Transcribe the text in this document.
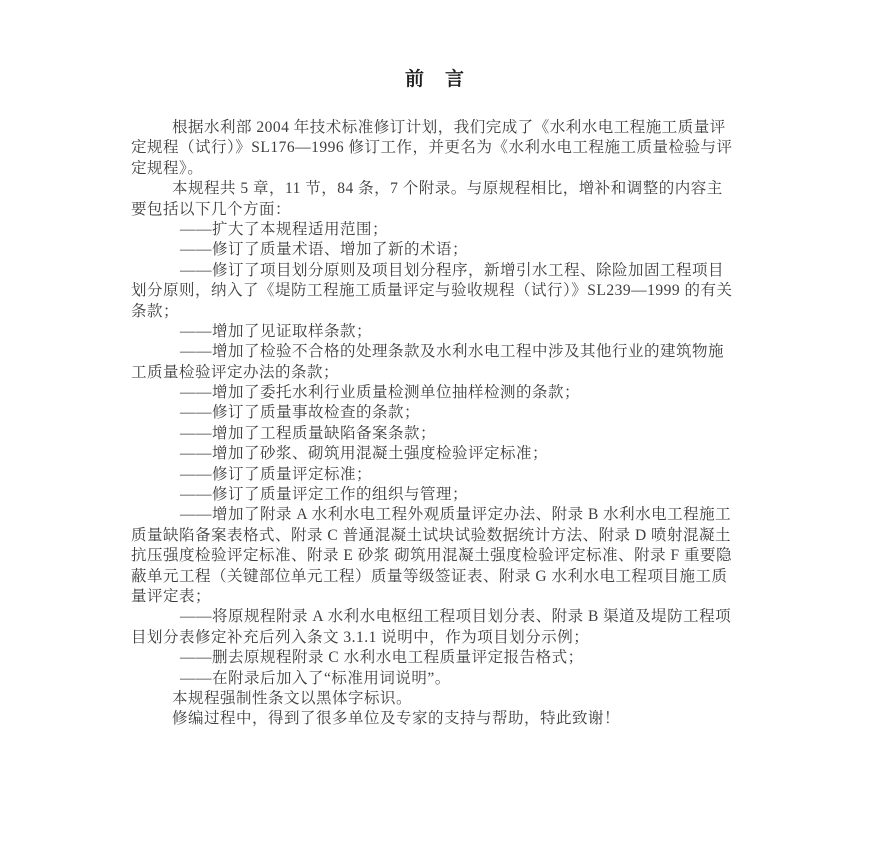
前　言
根据水利部 2004 年技术标准修订计划，我们完成了《水利水电工程施工质量评
定规程（试行）》SL176—1996 修订工作，并更名为《水利水电工程施工质量检验与评
定规程》。
本规程共 5 章，11 节，84 条，7 个附录。与原规程相比，增补和调整的内容主
要包括以下几个方面：
——扩大了本规程适用范围；
——修订了质量术语、增加了新的术语；
——修订了项目划分原则及项目划分程序，新增引水工程、除险加固工程项目
划分原则，纳入了《堤防工程施工质量评定与验收规程（试行）》SL239—1999 的有关
条款；
——增加了见证取样条款；
——增加了检验不合格的处理条款及水利水电工程中涉及其他行业的建筑物施
工质量检验评定办法的条款；
——增加了委托水利行业质量检测单位抽样检测的条款；
——修订了质量事故检查的条款；
——增加了工程质量缺陷备案条款；
——增加了砂浆、砌筑用混凝土强度检验评定标准；
——修订了质量评定标准；
——修订了质量评定工作的组织与管理；
——增加了附录 A 水利水电工程外观质量评定办法、附录 B 水利水电工程施工
质量缺陷备案表格式、附录 C 普通混凝土试块试验数据统计方法、附录 D 喷射混凝土
抗压强度检验评定标准、附录 E 砂浆 砌筑用混凝土强度检验评定标准、附录 F 重要隐
蔽单元工程（关键部位单元工程）质量等级签证表、附录 G 水利水电工程项目施工质
量评定表；
——将原规程附录 A 水利水电枢纽工程项目划分表、附录 B 渠道及堤防工程项
目划分表修定补充后列入条文 3.1.1 说明中，作为项目划分示例；
——删去原规程附录 C 水利水电工程质量评定报告格式；
——在附录后加入了“标准用词说明”。
本规程强制性条文以黑体字标识。
修编过程中，得到了很多单位及专家的支持与帮助，特此致谢！
